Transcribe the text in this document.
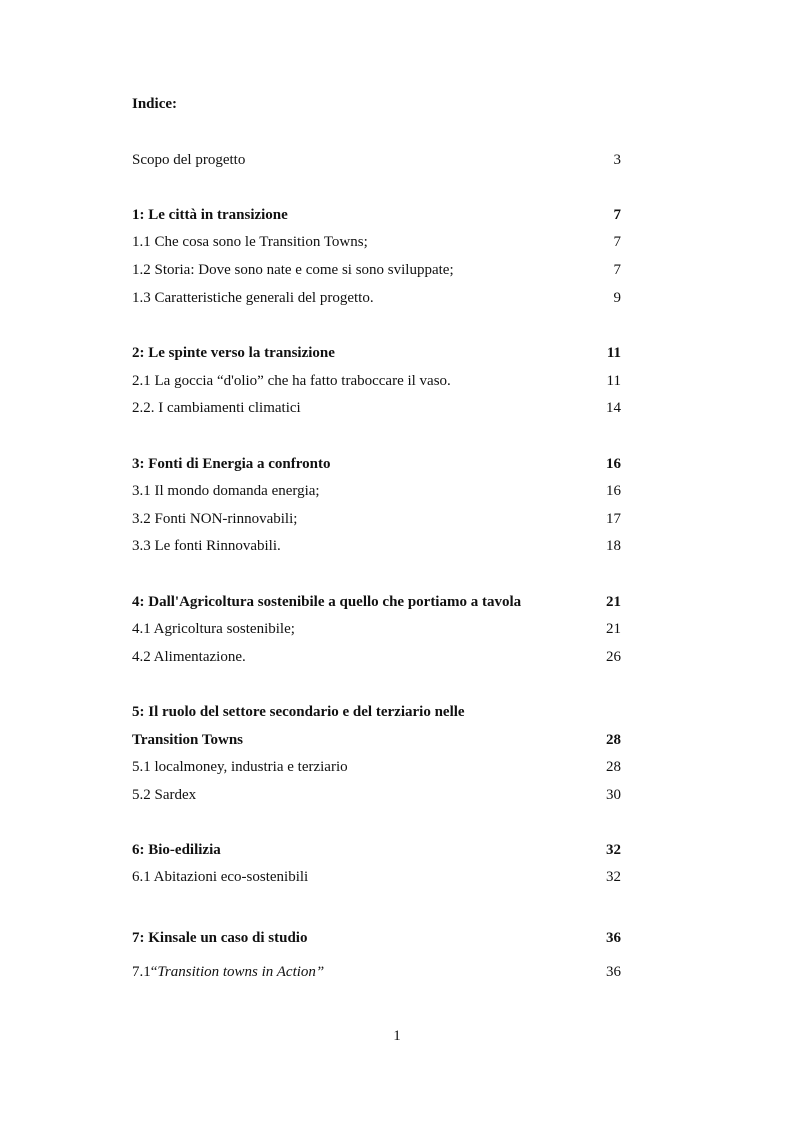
Indice:
Scopo del progetto	3
1: Le città in transizione	7
1.1 Che cosa sono le Transition Towns;	7
1.2 Storia: Dove sono nate e come si sono sviluppate;	7
1.3 Caratteristiche generali del progetto.	9
2: Le spinte verso la transizione	11
2.1 La goccia “d'olio” che ha fatto traboccare il vaso.	11
2.2. I cambiamenti climatici	14
3: Fonti di Energia a confronto	16
3.1 Il mondo domanda energia;	16
3.2 Fonti NON-rinnovabili;	17
3.3 Le fonti Rinnovabili.	18
4: Dall'Agricoltura sostenibile a quello che portiamo a tavola	21
4.1 Agricoltura sostenibile;	21
4.2 Alimentazione.	26
5: Il ruolo del settore secondario e del terziario nelle
Transition Towns	28
5.1 localmoney, industria e terziario	28
5.2 Sardex	30
6: Bio-edilizia	32
6.1 Abitazioni eco-sostenibili	32
7: Kinsale un caso di studio	36
7.1“Transition towns in Action”	36
1
